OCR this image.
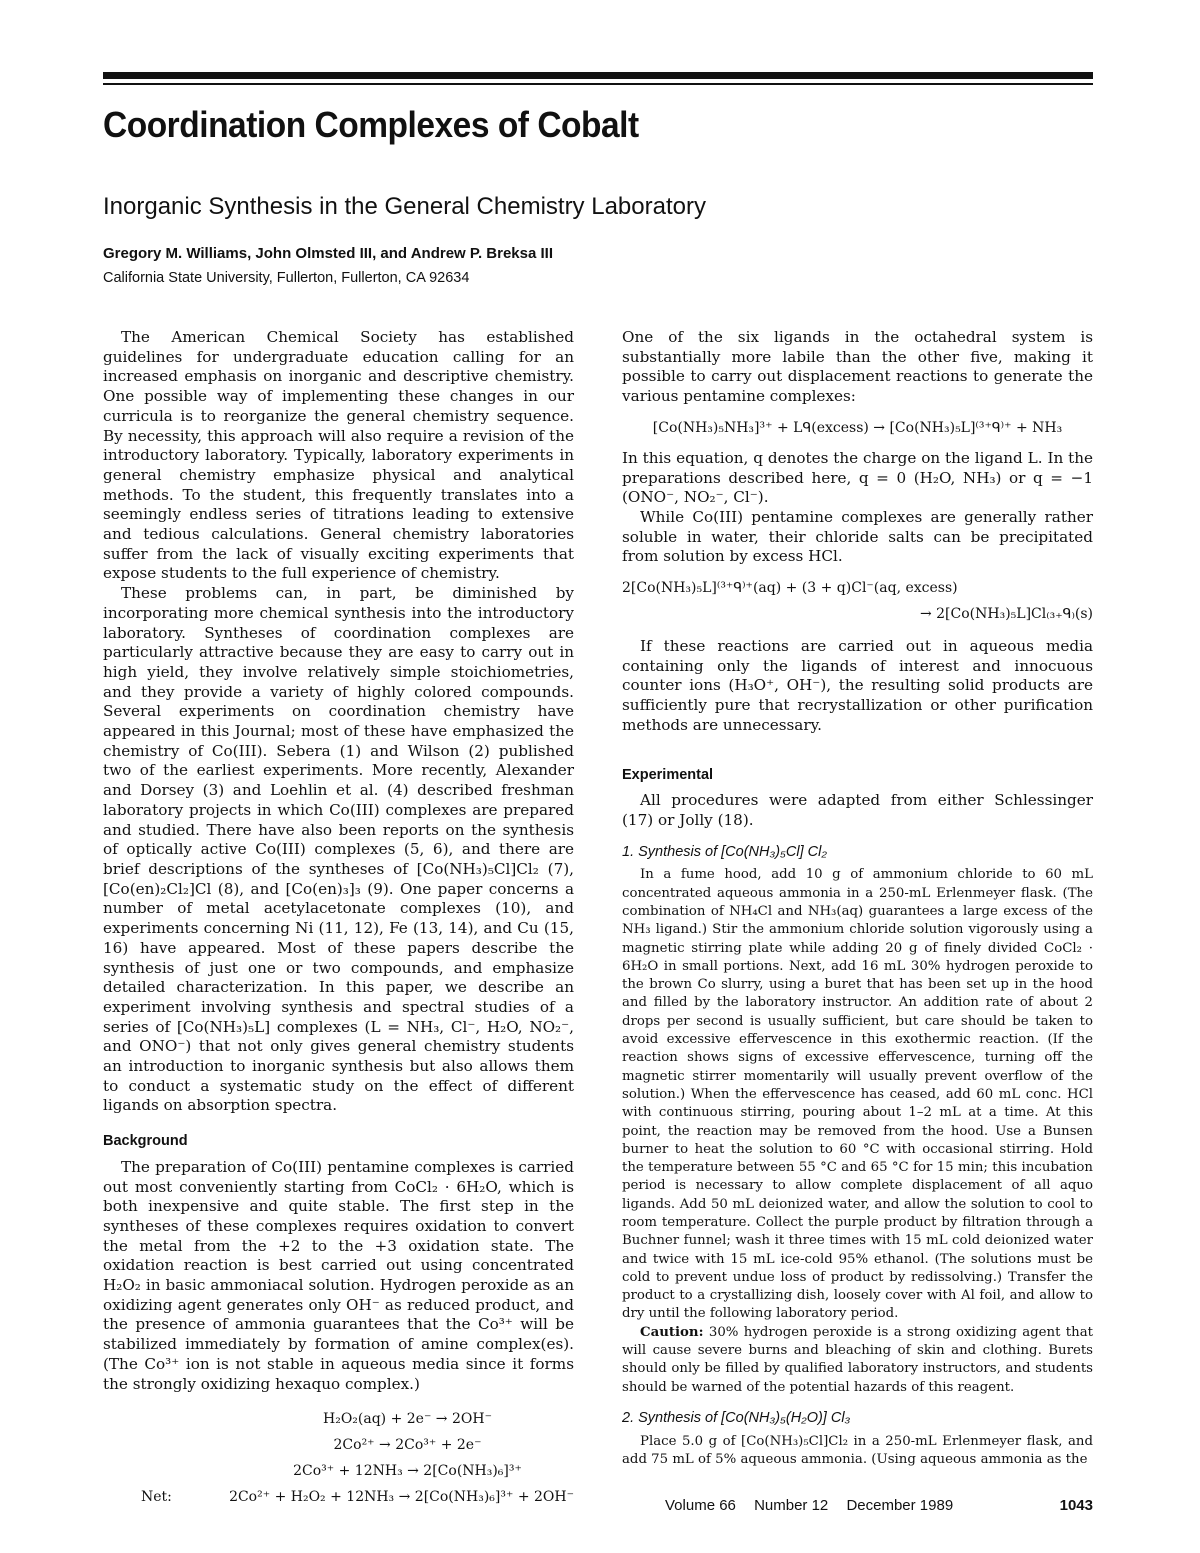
Coordination Complexes of Cobalt
Inorganic Synthesis in the General Chemistry Laboratory
Gregory M. Williams, John Olmsted III, and Andrew P. Breksa III
California State University, Fullerton, Fullerton, CA 92634

The American Chemical Society has established guidelines for undergraduate education calling for an increased emphasis on inorganic and descriptive chemistry. One possible way of implementing these changes in our curricula is to reorganize the general chemistry sequence. By necessity, this approach will also require a revision of the introductory laboratory. Typically, laboratory experiments in general chemistry emphasize physical and analytical methods. To the student, this frequently translates into a seemingly endless series of titrations leading to extensive and tedious calculations. General chemistry laboratories suffer from the lack of visually exciting experiments that expose students to the full experience of chemistry.

These problems can, in part, be diminished by incorporating more chemical synthesis into the introductory laboratory. Syntheses of coordination complexes are particularly attractive because they are easy to carry out in high yield, they involve relatively simple stoichiometries, and they provide a variety of highly colored compounds. Several experiments on coordination chemistry have appeared in this Journal; most of these have emphasized the chemistry of Co(III). Sebera (1) and Wilson (2) published two of the earliest experiments. More recently, Alexander and Dorsey (3) and Loehlin et al. (4) described freshman laboratory projects in which Co(III) complexes are prepared and studied. There have also been reports on the synthesis of optically active Co(III) complexes (5, 6), and there are brief descriptions of the syntheses of [Co(NH₃)₅Cl]Cl₂ (7), [Co(en)₂Cl₂]Cl (8), and [Co(en)₃]₃ (9). One paper concerns a number of metal acetylacetonate complexes (10), and experiments concerning Ni (11, 12), Fe (13, 14), and Cu (15, 16) have appeared. Most of these papers describe the synthesis of just one or two compounds, and emphasize detailed characterization. In this paper, we describe an experiment involving synthesis and spectral studies of a series of [Co(NH₃)₅L] complexes (L = NH₃, Cl⁻, H₂O, NO₂⁻, and ONO⁻) that not only gives general chemistry students an introduction to inorganic synthesis but also allows them to conduct a systematic study on the effect of different ligands on absorption spectra.

Background

The preparation of Co(III) pentamine complexes is carried out most conveniently starting from CoCl₂ · 6H₂O, which is both inexpensive and quite stable. The first step in the syntheses of these complexes requires oxidation to convert the metal from the +2 to the +3 oxidation state. The oxidation reaction is best carried out using concentrated H₂O₂ in basic ammoniacal solution. Hydrogen peroxide as an oxidizing agent generates only OH⁻ as reduced product, and the presence of ammonia guarantees that the Co³⁺ will be stabilized immediately by formation of amine complex(es). (The Co³⁺ ion is not stable in aqueous media since it forms the strongly oxidizing hexaquo complex.)

H₂O₂(aq) + 2e⁻ → 2OH⁻
2Co²⁺ → 2Co³⁺ + 2e⁻
2Co³⁺ + 12NH₃ → 2[Co(NH₃)₆]³⁺
Net:	2Co²⁺ + H₂O₂ + 12NH₃ → 2[Co(NH₃)₆]³⁺ + 2OH⁻

One of the six ligands in the octahedral system is substantially more labile than the other five, making it possible to carry out displacement reactions to generate the various pentamine complexes:

[Co(NH₃)₅NH₃]³⁺ + Lᑫ(excess) → [Co(NH₃)₅L]⁽³⁺ᑫ⁾⁺ + NH₃

In this equation, q denotes the charge on the ligand L. In the preparations described here, q = 0 (H₂O, NH₃) or q = −1 (ONO⁻, NO₂⁻, Cl⁻).

While Co(III) pentamine complexes are generally rather soluble in water, their chloride salts can be precipitated from solution by excess HCl.

2[Co(NH₃)₅L]⁽³⁺ᑫ⁾⁺(aq) + (3 + q)Cl⁻(aq, excess)
→ 2[Co(NH₃)₅L]Cl₍₃₊ᑫ₎(s)

If these reactions are carried out in aqueous media containing only the ligands of interest and innocuous counter ions (H₃O⁺, OH⁻), the resulting solid products are sufficiently pure that recrystallization or other purification methods are unnecessary.

Experimental

All procedures were adapted from either Schlessinger (17) or Jolly (18).

1. Synthesis of [Co(NH₃)₅Cl] Cl₂

In a fume hood, add 10 g of ammonium chloride to 60 mL concentrated aqueous ammonia in a 250-mL Erlenmeyer flask. (The combination of NH₄Cl and NH₃(aq) guarantees a large excess of the NH₃ ligand.) Stir the ammonium chloride solution vigorously using a magnetic stirring plate while adding 20 g of finely divided CoCl₂ · 6H₂O in small portions. Next, add 16 mL 30% hydrogen peroxide to the brown Co slurry, using a buret that has been set up in the hood and filled by the laboratory instructor. An addition rate of about 2 drops per second is usually sufficient, but care should be taken to avoid excessive effervescence in this exothermic reaction. (If the reaction shows signs of excessive effervescence, turning off the magnetic stirrer momentarily will usually prevent overflow of the solution.) When the effervescence has ceased, add 60 mL conc. HCl with continuous stirring, pouring about 1–2 mL at a time. At this point, the reaction may be removed from the hood. Use a Bunsen burner to heat the solution to 60 °C with occasional stirring. Hold the temperature between 55 °C and 65 °C for 15 min; this incubation period is necessary to allow complete displacement of all aquo ligands. Add 50 mL deionized water, and allow the solution to cool to room temperature. Collect the purple product by filtration through a Buchner funnel; wash it three times with 15 mL cold deionized water and twice with 15 mL ice-cold 95% ethanol. (The solutions must be cold to prevent undue loss of product by redissolving.) Transfer the product to a crystallizing dish, loosely cover with Al foil, and allow to dry until the following laboratory period.

Caution: 30% hydrogen peroxide is a strong oxidizing agent that will cause severe burns and bleaching of skin and clothing. Burets should only be filled by qualified laboratory instructors, and students should be warned of the potential hazards of this reagent.

2. Synthesis of [Co(NH₃)₅(H₂O)] Cl₃

Place 5.0 g of [Co(NH₃)₅Cl]Cl₂ in a 250-mL Erlenmeyer flask, and add 75 mL of 5% aqueous ammonia. (Using aqueous ammonia as the

Volume 66 Number 12 December 1989	1043
